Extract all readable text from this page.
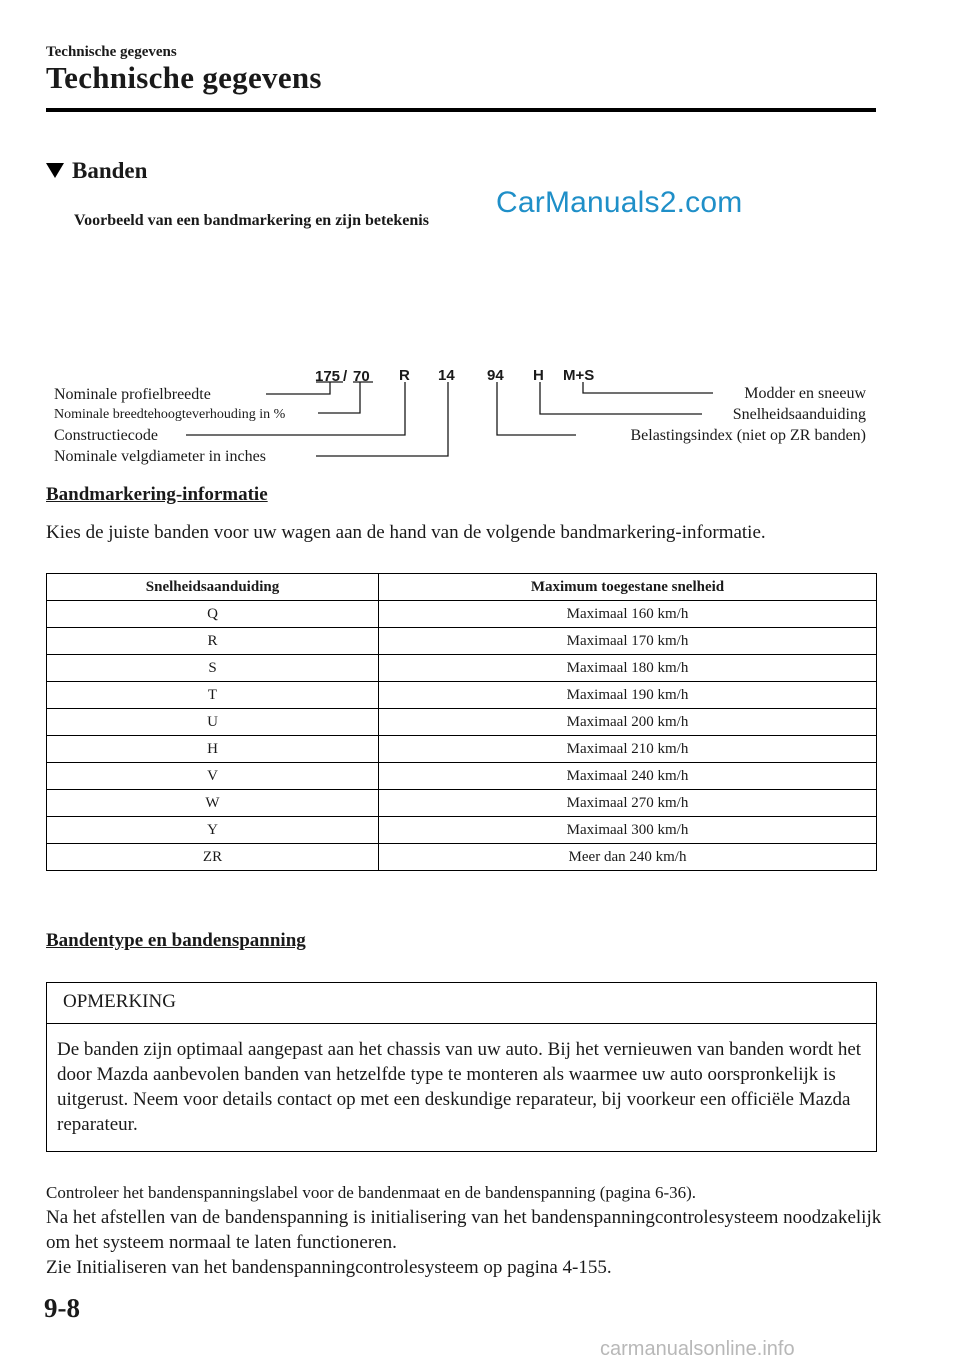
Technische gegevens
Technische gegevens
Banden
Voorbeeld van een bandmarkering en zijn betekenis
CarManuals2.com
175 / 70 R 14 94 H M+S
Nominale profielbreedte
Nominale breedtehoogteverhouding in %
Constructiecode
Nominale velgdiameter in inches
Modder en sneeuw
Snelheidsaanduiding
Belastingsindex (niet op ZR banden)
Bandmarkering-informatie
Kies de juiste banden voor uw wagen aan de hand van de volgende bandmarkering-informatie.
Snelheidsaanduiding	Maximum toegestane snelheid
Q	Maximaal 160 km/h
R	Maximaal 170 km/h
S	Maximaal 180 km/h
T	Maximaal 190 km/h
U	Maximaal 200 km/h
H	Maximaal 210 km/h
V	Maximaal 240 km/h
W	Maximaal 270 km/h
Y	Maximaal 300 km/h
ZR	Meer dan 240 km/h
Bandentype en bandenspanning
OPMERKING
De banden zijn optimaal aangepast aan het chassis van uw auto. Bij het vernieuwen van banden wordt het door Mazda aanbevolen banden van hetzelfde type te monteren als waarmee uw auto oorspronkelijk is uitgerust. Neem voor details contact op met een deskundige reparateur, bij voorkeur een officiële Mazda reparateur.
Controleer het bandenspanningslabel voor de bandenmaat en de bandenspanning (pagina 6-36).
Na het afstellen van de bandenspanning is initialisering van het bandenspanningcontrolesysteem noodzakelijk om het systeem normaal te laten functioneren.
Zie Initialiseren van het bandenspanningcontrolesysteem op pagina 4-155.
9-8
carmanualsonline.info
